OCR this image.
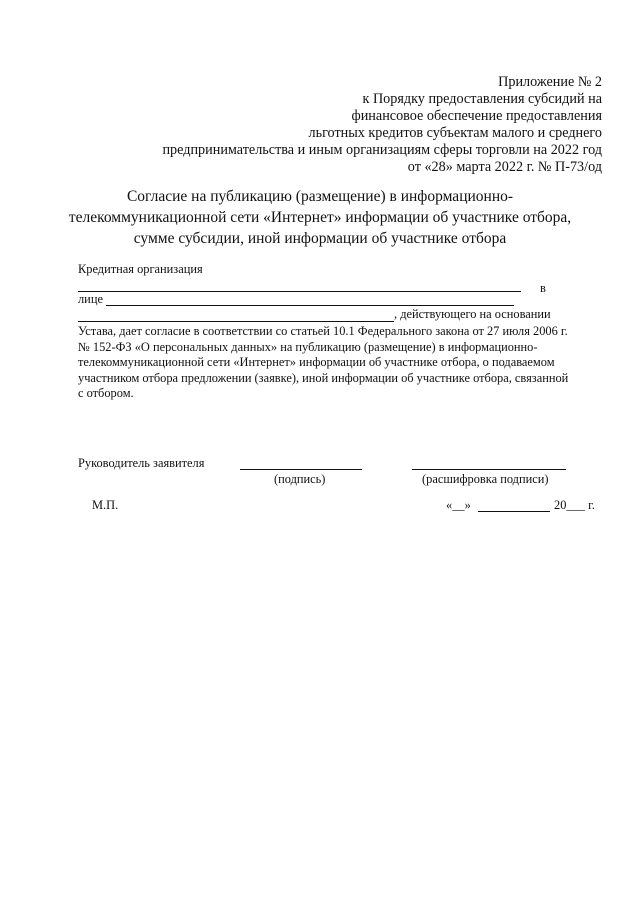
Приложение № 2
к Порядку предоставления субсидий на
финансовое обеспечение предоставления
льготных кредитов субъектам малого и среднего
предпринимательства и иным организациям сферы торговли на 2022 год
от «28» марта 2022 г. № П-73/од
Согласие на публикацию (размещение) в информационно-
телекоммуникационной сети «Интернет» информации об участнике отбора,
сумме субсидии, иной информации об участнике отбора
Кредитная организация
в
лице
, действующего на основании
Устава, дает согласие в соответствии со статьей 10.1 Федерального закона от 27 июля 2006 г.
№ 152-ФЗ «О персональных данных» на публикацию (размещение) в информационно-
телекоммуникационной сети «Интернет» информации об участнике отбора, о подаваемом
участником отбора предложении (заявке), иной информации об участнике отбора, связанной
с отбором.
Руководитель заявителя
(подпись)	(расшифровка подписи)
М.П.	«__»	20___ г.
